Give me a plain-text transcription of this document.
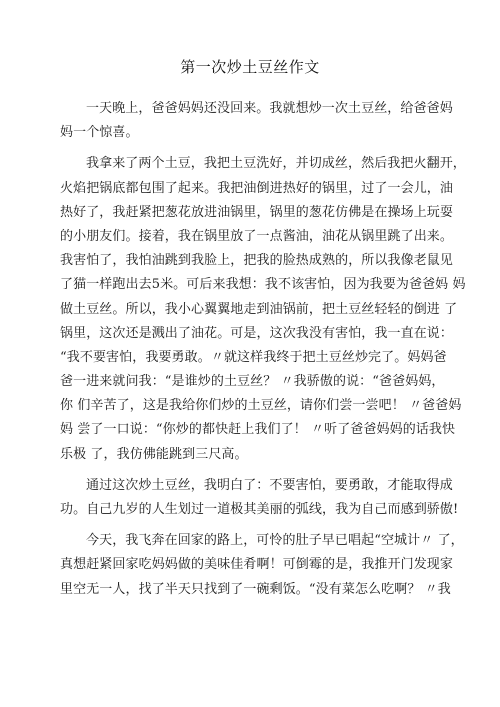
第一次炒土豆丝作文
一天晚上，爸爸妈妈还没回来。我就想炒一次土豆丝，给爸爸妈
妈一个惊喜。
我拿来了两个土豆，我把土豆洗好，并切成丝，然后我把火翻开，
火焰把锅底都包围了起来。我把油倒进热好的锅里，过了一会儿，油
热好了，我赶紧把葱花放进油锅里，锅里的葱花仿佛是在操场上玩耍
的小朋友们。接着，我在锅里放了一点酱油，油花从锅里跳了出来。
我害怕了，我怕油跳到我脸上，把我的脸热成熟的，所以我像老鼠见
了猫一样跑出去5米。可后来我想：我不该害怕，因为我要为爸爸妈 妈
做土豆丝。所以，我小心翼翼地走到油锅前，把土豆丝轻轻的倒进 了
锅里，这次还是溅出了油花。可是，这次我没有害怕，我一直在说：
“我不要害怕，我要勇敢。〃就这样我终于把土豆丝炒完了。妈妈爸
爸一进来就问我：“是谁炒的土豆丝？ 〃我骄傲的说：“爸爸妈妈，
你 们辛苦了，这是我给你们炒的土豆丝，请你们尝一尝吧！ 〃爸爸妈
妈 尝了一口说：“你炒的都快赶上我们了！ 〃听了爸爸妈妈的话我快
乐极 了，我仿佛能跳到三尺高。
通过这次炒土豆丝，我明白了：不要害怕，要勇敢，才能取得成
功。自己九岁的人生划过一道极其美丽的弧线，我为自己而感到骄傲!
今天，我飞奔在回家的路上，可怜的肚子早已唱起“空城计〃 了，
真想赶紧回家吃妈妈做的美味佳肴啊！可倒霉的是，我推开门发现家
里空无一人，找了半天只找到了一碗剩饭。“没有菜怎么吃啊？ 〃我
